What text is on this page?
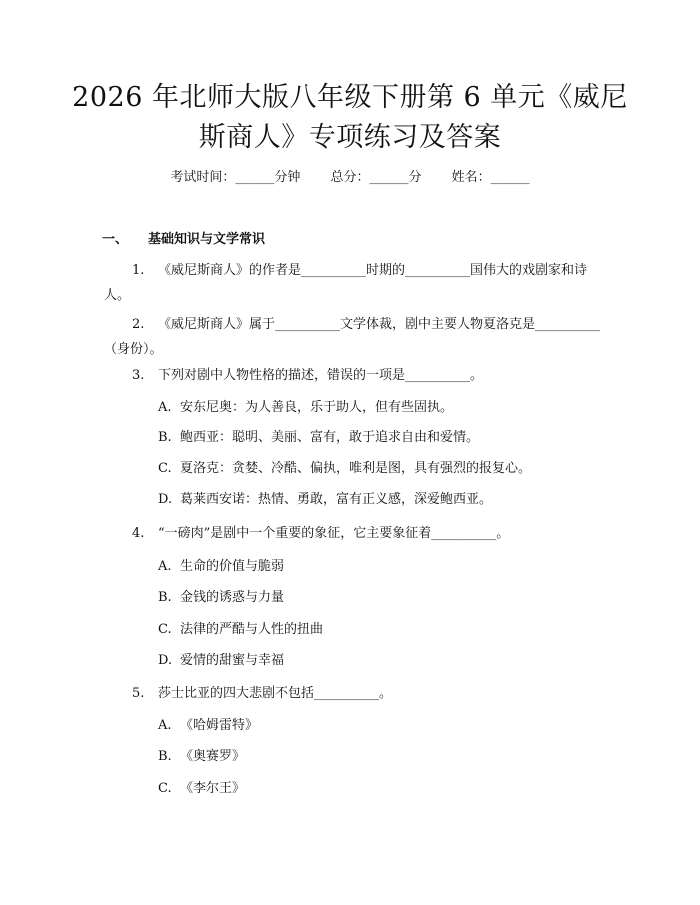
2026 年北师大版八年级下册第 6 单元《威尼斯商人》专项练习及答案
考试时间：______分钟 总分：______分 姓名：______
一、 基础知识与文学常识
1. 《威尼斯商人》的作者是__________时期的__________国伟大的戏剧家和诗人。
2. 《威尼斯商人》属于__________文学体裁，剧中主要人物夏洛克是__________（身份）。
3. 下列对剧中人物性格的描述，错误的一项是__________。
A. 安东尼奥：为人善良，乐于助人，但有些固执。
B. 鲍西亚：聪明、美丽、富有，敢于追求自由和爱情。
C. 夏洛克：贪婪、冷酷、偏执，唯利是图，具有强烈的报复心。
D. 葛莱西安诺：热情、勇敢，富有正义感，深爱鲍西亚。
4. “一磅肉”是剧中一个重要的象征，它主要象征着__________。
A. 生命的价值与脆弱
B. 金钱的诱惑与力量
C. 法律的严酷与人性的扭曲
D. 爱情的甜蜜与幸福
5. 莎士比亚的四大悲剧不包括__________。
A. 《哈姆雷特》
B. 《奥赛罗》
C. 《李尔王》
